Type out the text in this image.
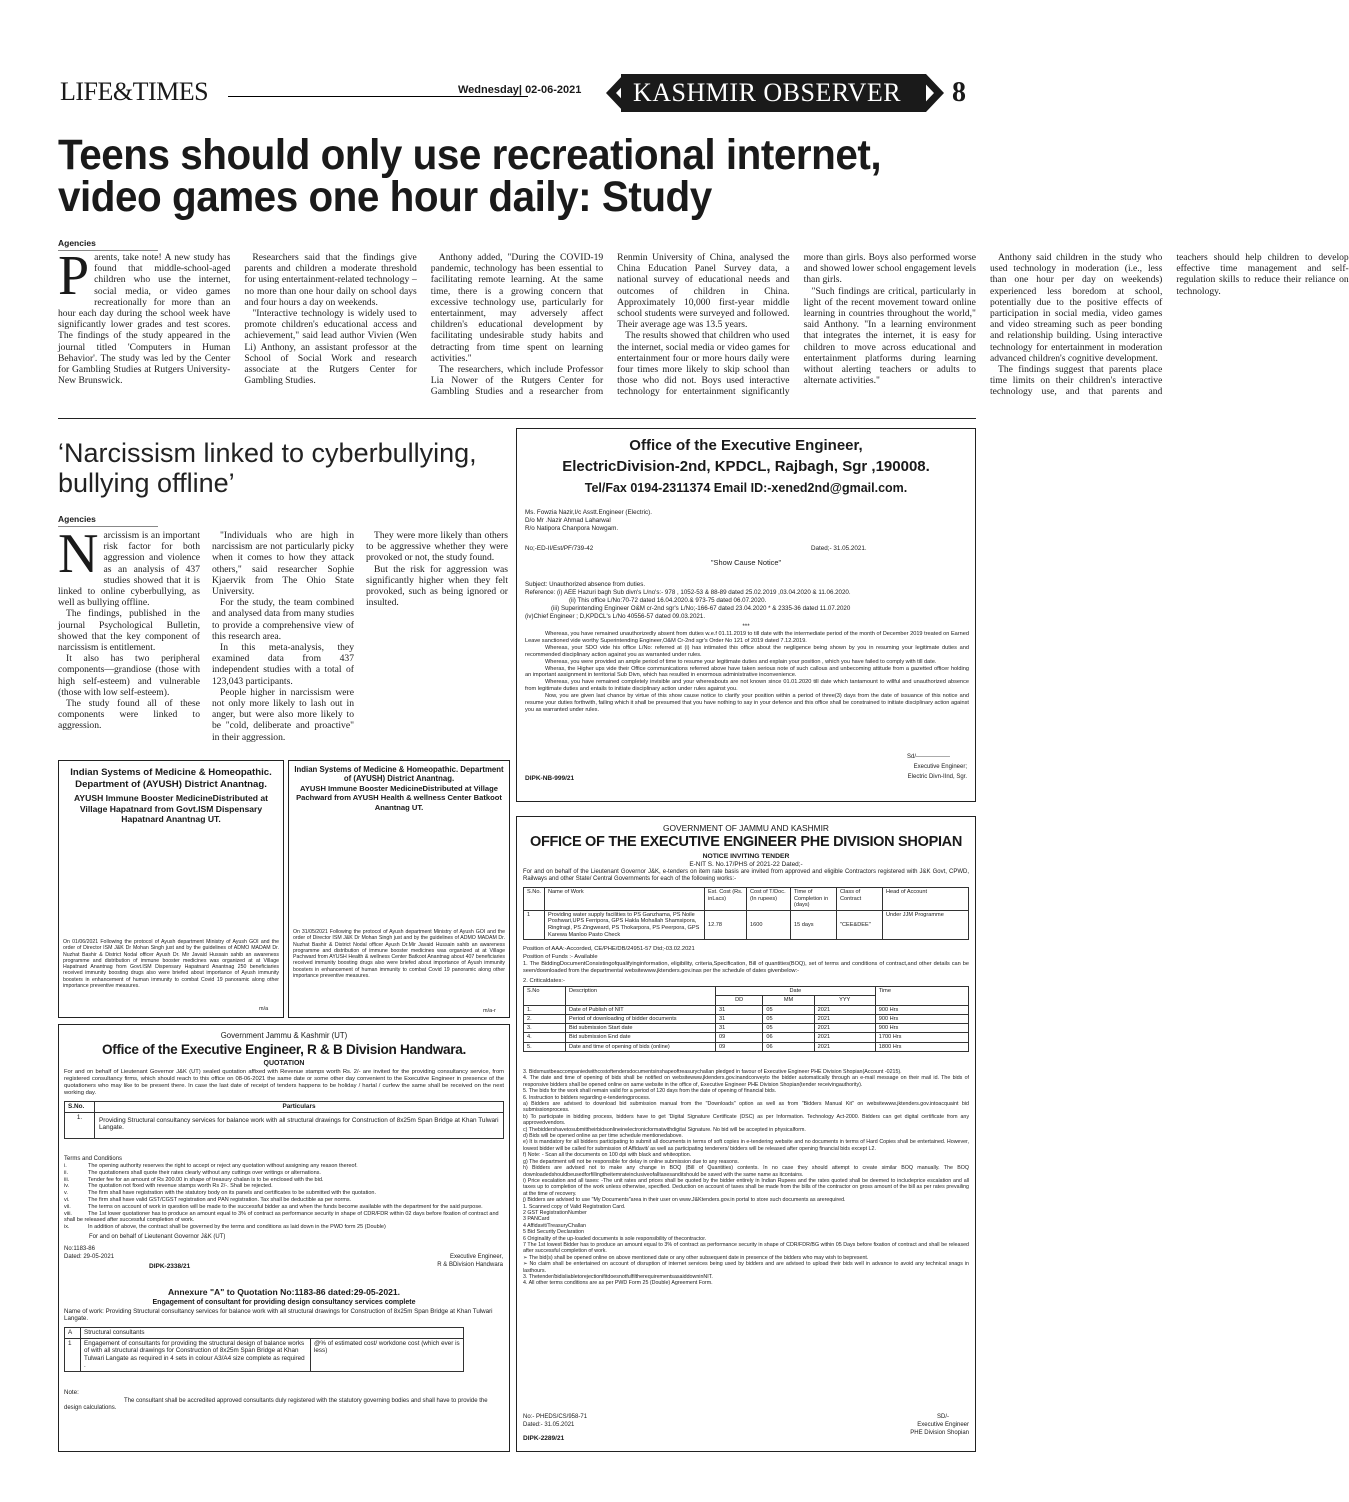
LIFE&TIMES	Wednesday| 02-06-2021 KASHMIR OBSERVER 8
Teens should only use recreational internet, video games one hour daily: Study
Agencies

Parents, take note! A new study has found that middle-school-aged children who use the internet, social media, or video games recreationally for more than an hour each day during the school week have significantly lower grades and test scores. The findings of the study appeared in the journal titled 'Computers in Human Behavior'. The study was led by the Center for Gambling Studies at Rutgers University-New Brunswick.

Researchers said that the findings give parents and children a moderate threshold for using entertainment-related technology – no more than one hour daily on school days and four hours a day on weekends.

"Interactive technology is widely used to promote children's educational access and achievement," said lead author Vivien (Wen Li) Anthony, an assistant professor at the School of Social Work and research associate at the Rutgers Center for Gambling Studies.

Anthony added, "During the COVID-19 pandemic, technology has been essential to facilitating remote learning. At the same time, there is a growing concern that excessive technology use, particularly for entertainment, may adversely affect children's educational development by facilitating undesirable study habits and detracting from time spent on learning activities."

The researchers, which include Professor Lia Nower of the Rutgers Center for Gambling Studies and a researcher from Renmin University of China, analysed the China Education Panel Survey data, a national survey of educational needs and outcomes of children in China. Approximately 10,000 first-year middle school students were surveyed and followed. Their average age was 13.5 years.

The results showed that children who used the internet, social media or video games for entertainment four or more hours daily were four times more likely to skip school than those who did not. Boys used interactive technology for entertainment significantly more than girls. Boys also performed worse and showed lower school engagement levels than girls.

"Such findings are critical, particularly in light of the recent movement toward online learning in countries throughout the world," said Anthony. "In a learning environment that integrates the internet, it is easy for children to move across educational and entertainment platforms during learning without alerting teachers or adults to alternate activities."

Anthony said children in the study who used technology in moderation (i.e., less than one hour per day on weekends) experienced less boredom at school, potentially due to the positive effects of participation in social media, video games and video streaming such as peer bonding and relationship building. Using interactive technology for entertainment in moderation advanced children's cognitive development.

The findings suggest that parents place time limits on their children's interactive technology use, and that parents and teachers should help children to develop effective time management and self-regulation skills to reduce their reliance on technology.

‘Narcissism linked to cyberbullying, bullying offline’
Agencies

Narcissism is an important risk factor for both aggression and violence as an analysis of 437 studies showed that it is linked to online cyberbullying, as well as bullying offline.

The findings, published in the journal Psychological Bulletin, showed that the key component of narcissism is entitlement.

It also has two peripheral components—grandiose (those with high self-esteem) and vulnerable (those with low self-esteem).

The study found all of these components were linked to aggression.

"Individuals who are high in narcissism are not particularly picky when it comes to how they attack others," said researcher Sophie Kjaervik from The Ohio State University.

For the study, the team combined and analysed data from many studies to provide a comprehensive view of this research area.

In this meta-analysis, they examined data from 437 independent studies with a total of 123,043 participants.

People higher in narcissism were not only more likely to lash out in anger, but were also more likely to be "cold, deliberate and proactive" in their aggression.

They were more likely than others to be aggressive whether they were provoked or not, the study found.

But the risk for aggression was significantly higher when they felt provoked, such as being ignored or insulted.

Indian Systems of Medicine & Homeopathic. Department of (AYUSH) District Anantnag.
AYUSH Immune Booster MedicineDistributed at Village Hapatnard from Govt.ISM Dispensary Hapatnard Anantnag UT.
On 01/06/2021 Following the protocol of Ayush department Ministry of Ayush GOI and the order of Director ISM J&K Dr Mohan Singh just and by the guidelines of ADMO MADAM Dr. Nuzhat Bashir & District Nodal officer Ayush Dr. Mir Javaid Hussain sahib an awareness programme and distribution of immune booster medicines was organized at at Village Hapatnard Anantnag from Govt.ISM Dispensary Hapatnard Anantnag 250 beneficiaries received immunity boosting drugs also were briefed about importance of Ayush immunity boosters in enhancement of human immunity to combat Covid 19 panoramic along other importance preventive measures.
m/a
Indian Systems of Medicine & Homeopathic. Department of (AYUSH) District Anantnag.
AYUSH Immune Booster MedicineDistributed at Village Pachward from AYUSH Health & wellness Center Batkoot Anantnag UT.
On 31/05/2021 Following the protocol of Ayush department Ministry of Ayush GOI and the order of Director ISM J&K Dr Mohan Singh just and by the guidelines of ADMO MADAM Dr. Nuzhat Bashir & District Nodal officer Ayush Dr.Mir Javaid Hussain sahib an awareness programme and distribution of immune booster medicines was organized at at Village Pachward from AYUSH Health & wellness Center Batkoot Anantnag about 407 beneficiaries received immunity boosting drugs also were briefed about importance of Ayush immunity boosters in enhancement of human immunity to combat Covid 19 panoramic along other importance preventive measures.
m/a-r
Office of the Executive Engineer,
ElectricDivision-2nd, KPDCL, Rajbagh, Sgr ,190008.
Tel/Fax 0194-2311374 Email ID:-xened2nd@gmail.com.
Ms. Fowzia Nazir,I/c Asstt.Engineer (Electric).
D/o Mr .Nazir Ahmad Laharwal
R/o Natipora Chanpora Nowgam.
No;-ED-II/Est/PF/739-42	Dated;- 31.05.2021.
"Show Cause Notice"
Subject: Unauthorized absence from duties.
Reference: (i) AEE Hazuri bagh Sub divn's L/no's:- 978 , 1052-53 & 88-89 dated 25.02.2019 ,03.04.2020 & 11.06.2020.
(ii) This office L/No:70-72 dated 16.04.2020.& 973-75 dated 06.07.2020.
(iii) Superintending Engineer O&M cr-2nd sgr's L/No;-166-67 dated 23.04.2020 * & 2335-36 dated 11.07.2020
(iv)Chief Engineer ; D,KPDCL's L/No 40556-57 dated 09.03.2021.
***

Whereas, you have remained unauthorizedly absent from duties w.e.f 01.11.2019 to till date with the intermediate period of the month of December 2019 treated on Earned Leave sanctioned vide worthy Superintending Engineer,O&M Cr-2nd sgr's Order No 121 of 2019 dated 7.12.2019.

Whereas, your SDO vide his office L/No: referred at (i) has intimated this office about the negligence being shown by you in resuming your legitimate duties and recommended disciplinary action against you as warranted under rules.

Whereas, you were provided an ample period of time to resume your legitimate duties and explain your position , which you have failed to comply with till date.

Wheras, the Higher ups vide their Office communications referred above have taken serious note of such callous and unbecoming attitude from a gazetted officer holding an important assignment in territorial Sub Divn, which has resulted in enormous administrative inconvenience.

Whereas, you have remained completely invisible and your whereabouts are not known since 01.01.2020 till date which tantamount to willful and unauthorized absence from legitimate duties and entails to initiate disciplinary action under rules against you.

Now, you are given last chance by virtue of this show cause notice to clarify your position within a period of three(3) days from the date of issuance of this notice and resume your duties forthwith, failing which it shall be presumed that you have nothing to say in your defence and this office shall be constrained to initiate disciplinary action against you as warranted under rules.

Sd/-----------------
Executive Engineer;
Electric Divn-IInd, Sgr.
DIPK-NB-999/21
GOVERNMENT OF JAMMU AND KASHMIR
OFFICE OF THE EXECUTIVE ENGINEER PHE DIVISION SHOPIAN
NOTICE INVITING TENDER
E-NIT S. No.17/PHS of 2021-22 Dated;-
For and on behalf of the Lieutenant Governor J&K, e-tenders on item rate basis are invited from approved and eligible Contractors registered with J&K Govt, CPWD, Railways and other State/ Central Governments for each of the following works:-
S.No.	Name of Work	Est. Cost (Rs. inLacs)	Cost of T/Doc. (In rupees)	Time of Completion in (days)	Class of Contract	Head of Account
1	Providing water supply facilities to PS Ganzhama, PS Noile Poshwari,UPS Ferripora, GPS Hakla Mohallah Shamsipora, Ringtragi, PS Zingweard, PS Thokarpora, PS Peerpora, GPS Karewa Manloo Pasto Check	12.78	1600	15 days	"CEE&DEE"	Under JJM Programme
Position of AAA:-Accorded, CE/PHE/DB/24951-57 Dtd;-03.02.2021
Position of Funds :- Available
1. The BiddingDocumentConsistingofqualifyinginformation, eligibility, criteria,Specification, Bill of quantities(BOQ), set of terms and conditions of contract,and other details can be seen/downloaded from the departmental websitewww.jktenders.gov.inas per the schedule of dates givenbelow:-
2. Criticaldates:-
S.No	Description	Date			Time
		DD	MM	YYY	
1.	Date of Publish of NIT	31	05	2021	900 Hrs
2.	Period of downloading of bidder documents	31	05	2021	900 Hrs
3.	Bid submission Start date	31	05	2021	900 Hrs
4.	Bid submission End date	09	06	2021	1700 Hrs
5.	Date and time of opening of bids (online)	09	06	2021	1800 Hrs
3. Bidsmustbeaccompaniedwithcostoftendersdocumentsinshapeoftreasurychallan pledged in favour of Executive Engineer PHE Division Shopian(Account -0215).
4. The date and time of opening of bids shall be notified on websitewww.jktenders.gov.inandconveyto the bidder automatically through an e-mail message on their mail id. The bids of responsive bidders shall be opened online on same website in the office of, Executive Engineer PHE Division Shopian(tender receivingauthority).
5. The bids for the work shall remain valid for a period of 120 days from the date of opening of financial bids.
6. Instruction to bidders regarding e-tenderingprocess.
a) Bidders are advised to download bid submission manual from the "Downloads" option as well as from "Bidders Manual Kit" on websitewww.jktenders.gov.intoacquaint bid submissionprocess.
b) To participate in bidding process, bidders have to get 'Digital Signature Certificate (DSC) as per Information. Technology Act-2000. Bidders can get digital certificate from any approvedvendors.
c) Thebiddershavetosubmittheirbidsonlineinelectronicformatwithdigital Signature. No bid will be accepted in physicalform.
d) Bids will be opened online as per time schedule mentionedabove.
e) It is mandatory for all bidders participating to submit all documents in terms of soft copies in e-tendering website and no documents in terms of Hard Copies shall be entertained. However, lowest bidder will be called for submission of Affidavit/ as well as participating tenderers/ bidders will be released after opening financial bids except L2.
f) Note: - Scan all the documents on 100 dpi with black and whiteoption.
g) The department will not be responsible for delay in online submission due to any reasons.
h) Bidders are advised not to make any change in BOQ (Bill of Quantities) contents. In no case they should attempt to create similar BOQ manually. The BOQ downloadedshouldbeusedforfillingtheitemrateinclusiveofalltaxesanditshould be saved with the same name as itcontains.
i) Price escalation and all taxes: -The unit rates and prices shall be quoted by the bidder entirely in Indian Rupees and the rates quoted shall be deemed to includeprice escalation and all taxes up to completion of the work unless otherwise, specified. Deduction on account of taxes shall be made from the bills of the contractor on gross amount of the bill as per rates prevailing at the time of recovery.
j) Bidders are advised to use "My Documents"area in their user on www.J&Ktenders.gov.in portal to store such documents as arerequired.
1. Scanned copy of Valid Registration Card.
2 GST RegistrationNumber
3 PANCard
4 Affidavit/TreasuryChallan
5 Bid Security Declaration
6 Originality of the up-loaded documents is sole responsibility of thecontractor.
7 The 1st lowest Bidder has to produce an amount equal to 3% of contract as performance security in shape of CDR/FDR/BG within 05 Days before fixation of contract and shall be released after successful completion of work.
➢ The bid(s) shall be opened online on above mentioned date or any other subsequent date in presence of the bidders who may wish to bepresent.
➢ No claim shall be entertained on account of disruption of internet services being used by bidders and are advised to upload their bids well in advance to avoid any technical snags in lasthours.
3. Thetender/bidisliabletorejectionifitdoesnotfulfiltherequirementsasaiddowninNIT.
4. All other terms conditions are as per PWD Form 25 (Double) Agreement Form.
No:- PHEDS/CS/958-71
Dated:- 31.05.2021
SD/-
Executive Engineer
PHE Division Shopian
DIPK-2289/21
Government Jammu & Kashmir (UT)
Office of the Executive Engineer, R & B Division Handwara.
QUOTATION
For and on behalf of Lieutenant Governor J&K (UT) sealed quotation affixed with Revenue stamps worth Rs. 2/- are invited for the providing consultancy service, from registered consultancy firms, which should reach to this office on 08-06-2021 the same date or some other day convenient to the Executive Engineer in presence of the quotationers who may like to be present there. In case the last date of receipt of tenders happens to be holiday / hartal / curfew the same shall be received on the next working day.
S.No.	Particulars
1.	Providing Structural consultancy services for balance work with all structural drawings for Construction of 8x25m Span Bridge at Khan Tulwari Langate.
Terms and Conditions
i.	The opening authority reserves the right to accept or reject any quotation without assigning any reason thereof.
ii.	The quotationers shall quote their rates clearly without any cuttings over writings or alternations.
iii.	Tender fee for an amount of Rs 200.00 in shape of treasury chalan is to be enclosed with the bid.
iv.	The quotation not fixed with revenue stamps worth Rs 2/-. Shall be rejected.
v.	The firm shall have registration with the statutory body on its panels and certificates to be submitted with the quotation.
vi.	The firm shall have valid GST/CGST registration and PAN registration. Tax shall be deductible as per norms.
vii.	The terms on account of work in question will be made to the successful bidder as and when the funds become available with the department for the said purpose.
viii.	The 1st lower quotationer has to produce an amount equal to 3% of contract as performance security in shape of CDR/FDR within 02 days before fixation of contract and shall be released after successful completion of work.
ix.	In addition of above, the contract shall be governed by the terms and conditions as laid down in the PWD form 25 (Double)
For and on behalf of Lieutenant Governor J&K (UT)
No:1183-86
Dated: 29-05-2021
DIPK-2338/21
Executive Engineer,
R & BDivision Handwara
Annexure "A" to Quotation No:1183-86 dated:29-05-2021.
Engagement of consultant for providing design consultancy services complete
Name of work: Providing Structural consultancy services for balance work with all structural drawings for Construction of 8x25m Span Bridge at Khan Tulwari Langate.
A	Structural consultants	
1	Engagement of consultants for providing the structural design of balance works of with all structural drawings for Construction of 8x25m Span Bridge at Khan Tulwari Langate as required in 4 sets in colour A3/A4 size complete as required .	@% of estimated cost/ workdone cost (which ever is less)
Note:
The consultant shall be accredited approved consultants duly registered with the statutory governing bodies and shall have to provide the design calculations.
